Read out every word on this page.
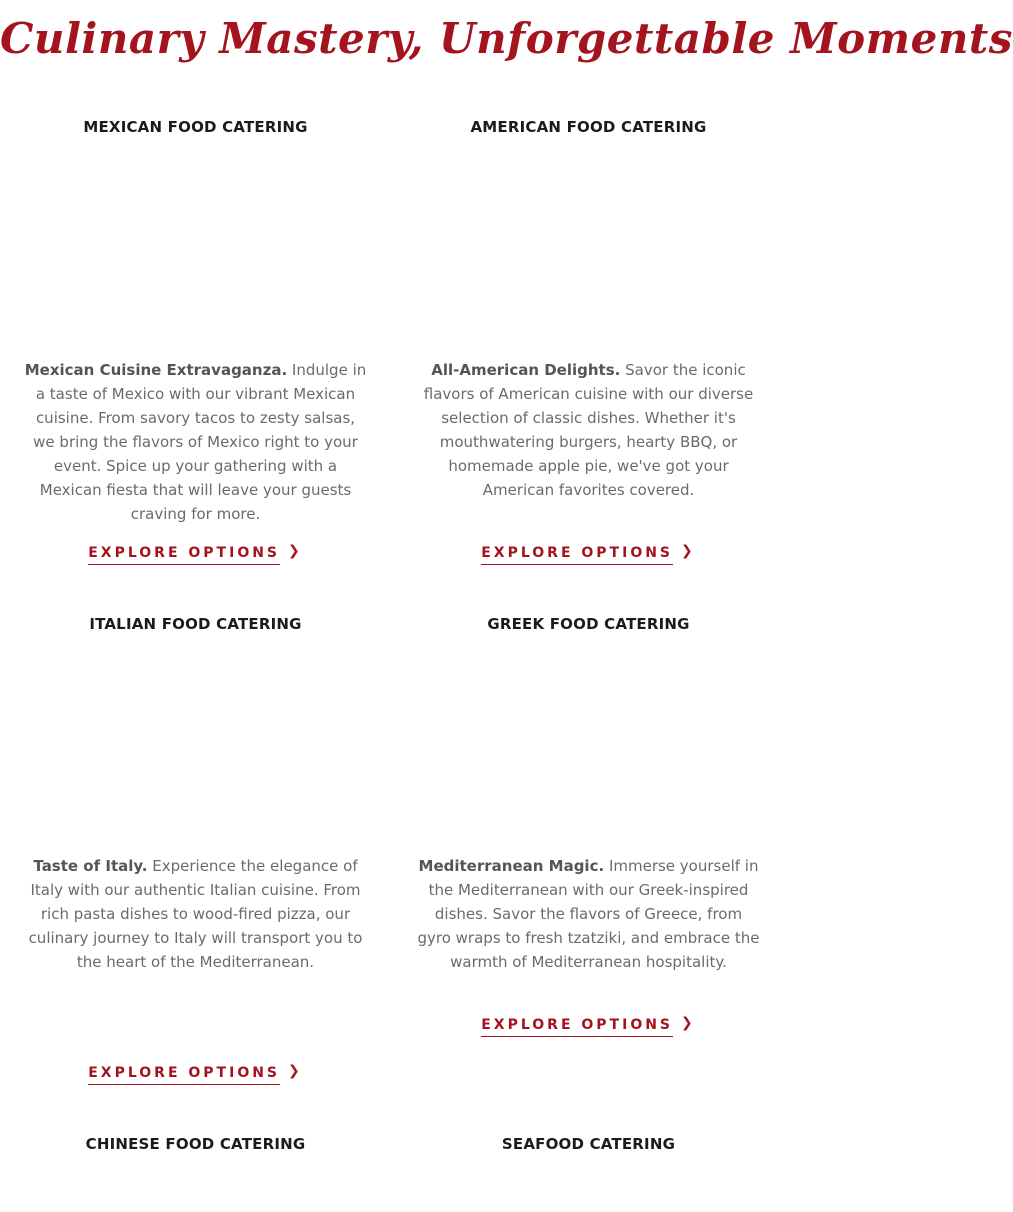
Culinary Mastery, Unforgettable Moments
MEXICAN FOOD CATERING

Mexican Cuisine Extravaganza. Indulge in a taste of Mexico with our vibrant Mexican cuisine. From savory tacos to zesty salsas, we bring the flavors of Mexico right to your event. Spice up your gathering with a Mexican fiesta that will leave your guests craving for more.

EXPLORE OPTIONS ❯
AMERICAN FOOD CATERING

All-American Delights. Savor the iconic flavors of American cuisine with our diverse selection of classic dishes. Whether it's mouthwatering burgers, hearty BBQ, or homemade apple pie, we've got your American favorites covered.

EXPLORE OPTIONS ❯
ITALIAN FOOD CATERING

Taste of Italy. Experience the elegance of Italy with our authentic Italian cuisine. From rich pasta dishes to wood-fired pizza, our culinary journey to Italy will transport you to the heart of the Mediterranean.

EXPLORE OPTIONS ❯
GREEK FOOD CATERING

Mediterranean Magic. Immerse yourself in the Mediterranean with our Greek-inspired dishes. Savor the flavors of Greece, from gyro wraps to fresh tzatziki, and embrace the warmth of Mediterranean hospitality.

EXPLORE OPTIONS ❯
CHINESE FOOD CATERING	SEAFOOD CATERING
